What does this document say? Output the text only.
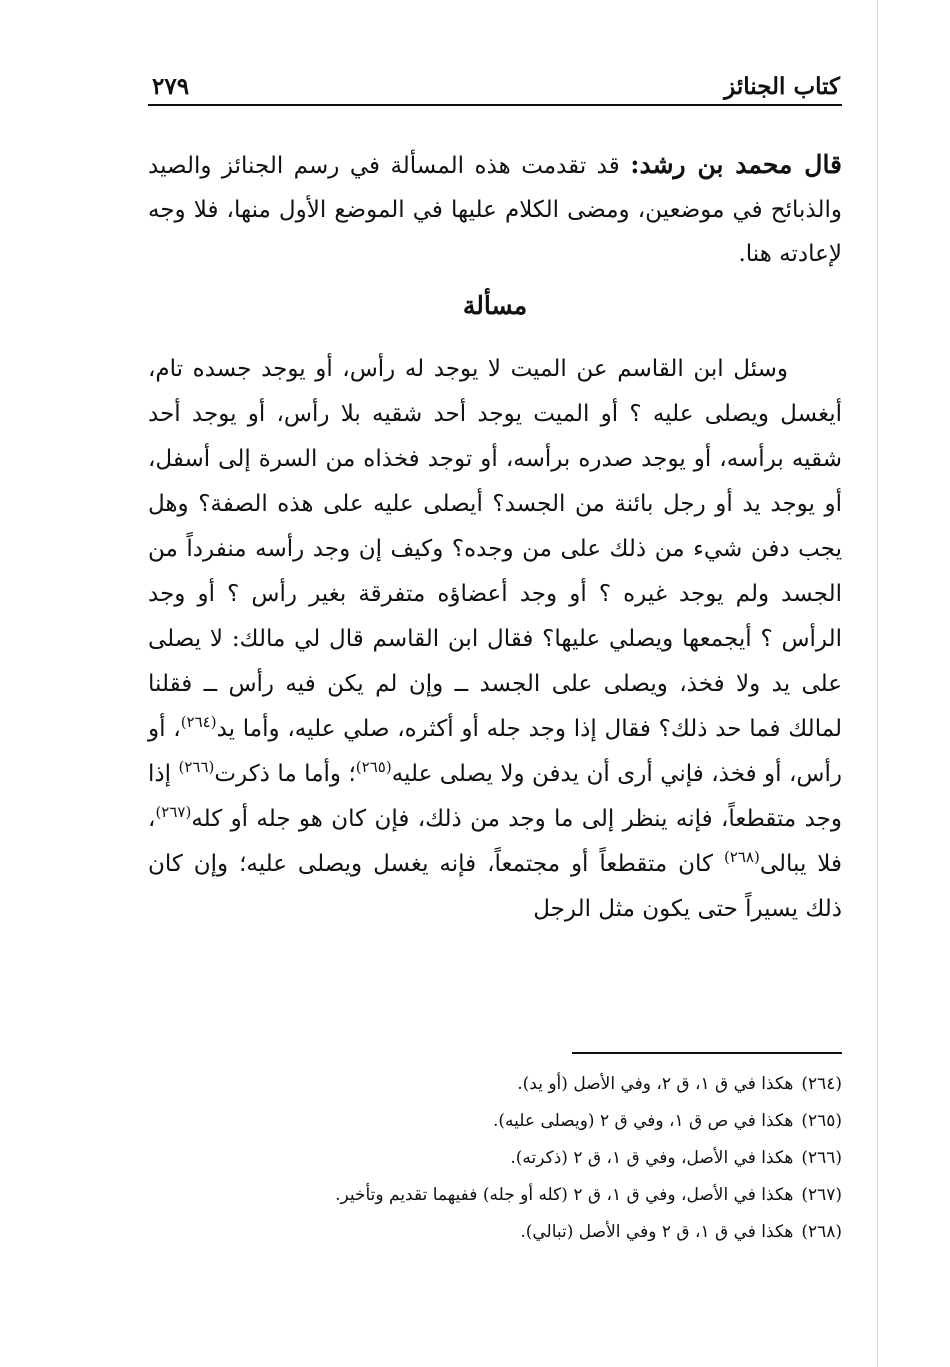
كتاب الجنائز
٢٧٩

قال محمد بن رشد: قد تقدمت هذه المسألة في رسم الجنائز والصيد والذبائح في موضعين، ومضى الكلام عليها في الموضع الأول منها، فلا وجه لإعادته هنا.

مسألة

وسئل ابن القاسم عن الميت لا يوجد له رأس، أو يوجد جسده تام، أيغسل ويصلى عليه ؟ أو الميت يوجد أحد شقيه بلا رأس، أو يوجد أحد شقيه برأسه، أو يوجد صدره برأسه، أو توجد فخذاه من السرة إلى أسفل، أو يوجد يد أو رجل بائنة من الجسد؟ أيصلى عليه على هذه الصفة؟ وهل يجب دفن شيء من ذلك على من وجده؟ وكيف إن وجد رأسه منفرداً من الجسد ولم يوجد غيره ؟ أو وجد أعضاؤه متفرقة بغير رأس ؟ أو وجد الرأس ؟ أيجمعها ويصلي عليها؟ فقال ابن القاسم قال لي مالك: لا يصلى على يد ولا فخذ، ويصلى على الجسد ــ وإن لم يكن فيه رأس ــ فقلنا لمالك فما حد ذلك؟ فقال إذا وجد جله أو أكثره، صلي عليه، وأما يد$^{(٢٦٤)}$، أو رأس، أو فخذ، فإني أرى أن يدفن ولا يصلى عليه$^{(٢٦٥)}$؛ وأما ما ذكرت$^{(٢٦٦)}$ إذا وجد متقطعاً، فإنه ينظر إلى ما وجد من ذلك، فإن كان هو جله أو كله$^{(٢٦٧)}$، فلا يبالى$^{(٢٦٨)}$ كان متقطعاً أو مجتمعاً، فإنه يغسل ويصلى عليه؛ وإن كان ذلك يسيراً حتى يكون مثل الرجل

(٢٦٤)هكذا في ق ١، ق ٢، وفي الأصل (أو يد).
(٢٦٥)هكذا في ص ق ١، وفي ق ٢ (ويصلى عليه).
(٢٦٦)هكذا في الأصل، وفي ق ١، ق ٢ (ذكرته).
(٢٦٧)هكذا في الأصل، وفي ق ١، ق ٢ (كله أو جله) ففيهما تقديم وتأخير.
(٢٦٨)هكذا في ق ١، ق ٢ وفي الأصل (تبالي).
